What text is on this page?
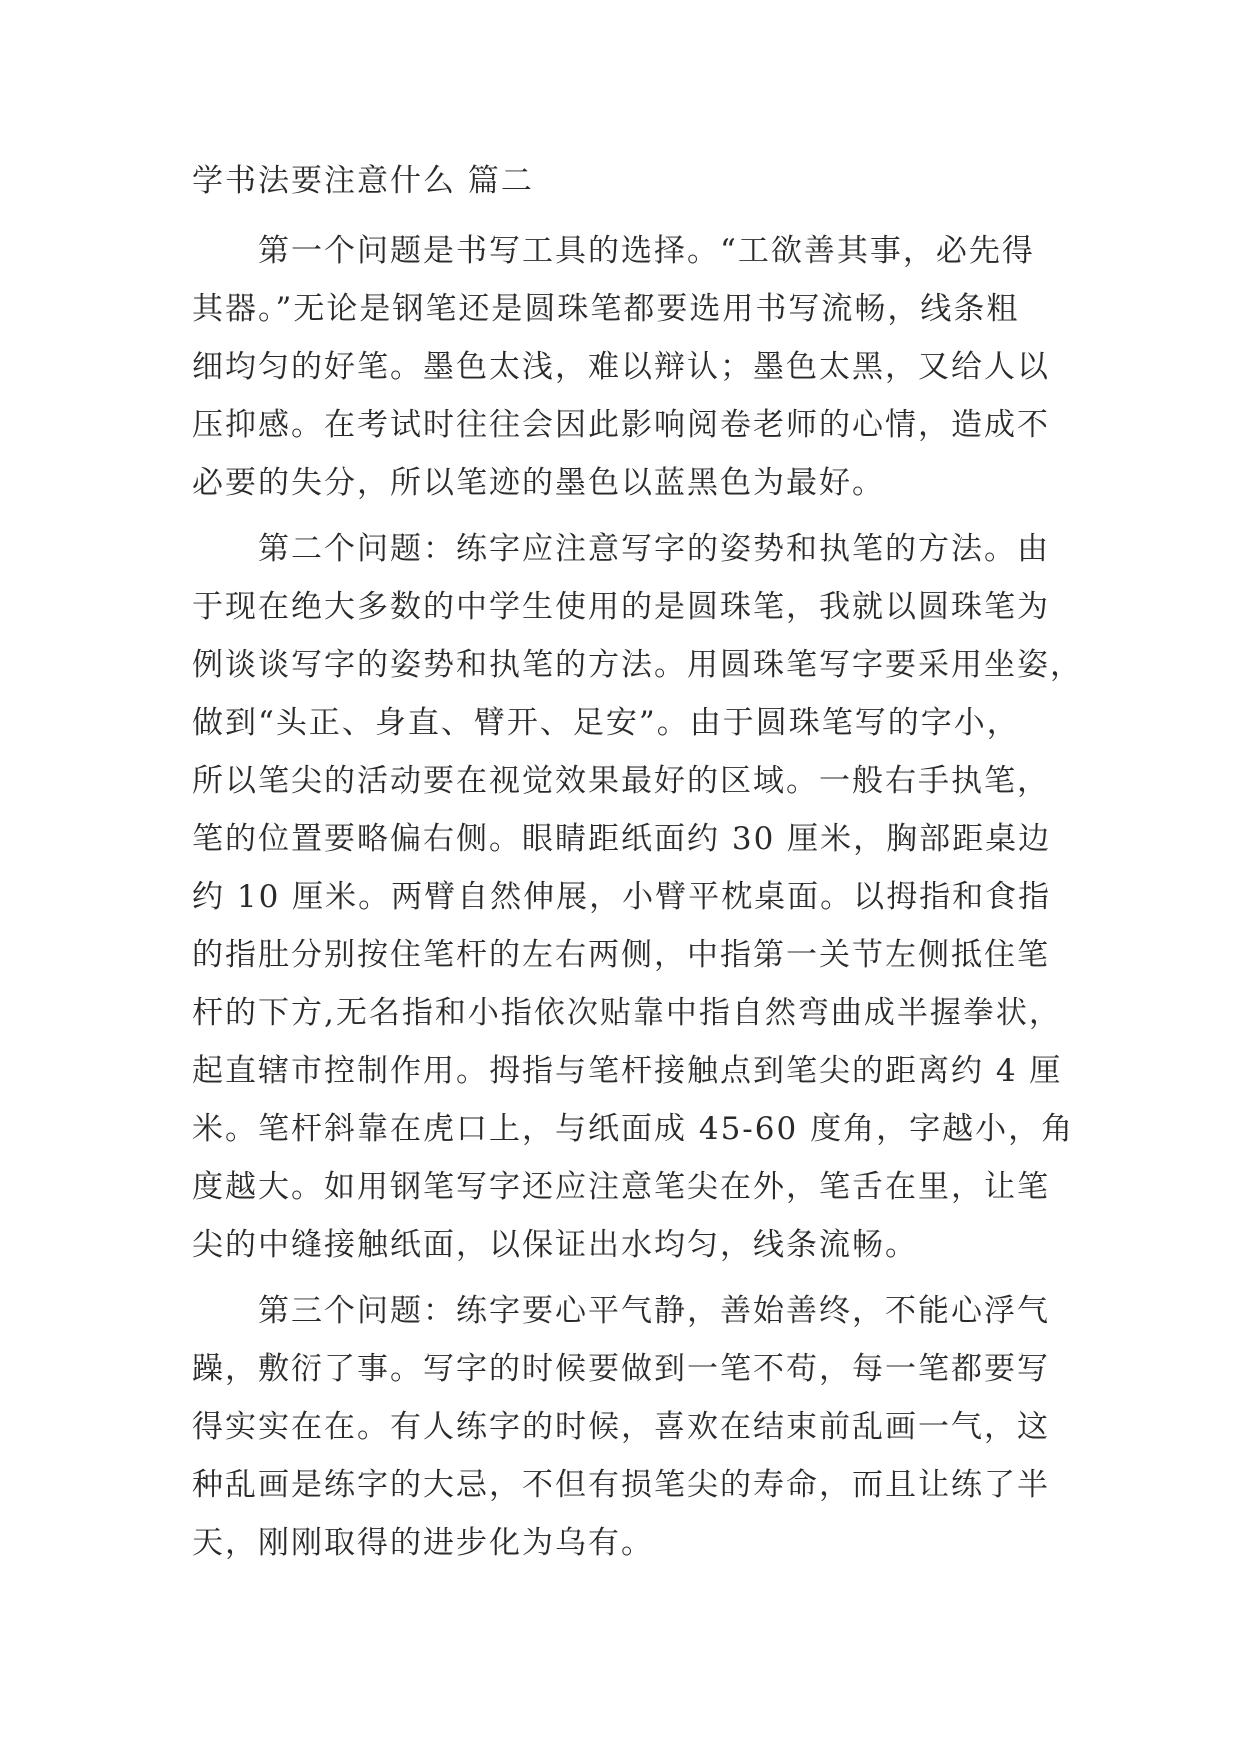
学书法要注意什么 篇二
第一个问题是书写工具的选择。“工欲善其事，必先得
其器。”无论是钢笔还是圆珠笔都要选用书写流畅，线条粗
细均匀的好笔。墨色太浅，难以辩认；墨色太黑，又给人以
压抑感。在考试时往往会因此影响阅卷老师的心情，造成不
必要的失分，所以笔迹的墨色以蓝黑色为最好。
第二个问题：练字应注意写字的姿势和执笔的方法。由
于现在绝大多数的中学生使用的是圆珠笔，我就以圆珠笔为
例谈谈写字的姿势和执笔的方法。用圆珠笔写字要采用坐姿，
做到“头正、身直、臂开、足安”。由于圆珠笔写的字小，
所以笔尖的活动要在视觉效果最好的区域。一般右手执笔，
笔的位置要略偏右侧。眼睛距纸面约 30 厘米，胸部距桌边
约 10 厘米。两臂自然伸展，小臂平枕桌面。以拇指和食指
的指肚分别按住笔杆的左右两侧，中指第一关节左侧抵住笔
杆的下方,无名指和小指依次贴靠中指自然弯曲成半握拳状，
起直辖市控制作用。拇指与笔杆接触点到笔尖的距离约 4 厘
米。笔杆斜靠在虎口上，与纸面成 45-60 度角，字越小，角
度越大。如用钢笔写字还应注意笔尖在外，笔舌在里，让笔
尖的中缝接触纸面，以保证出水均匀，线条流畅。
第三个问题：练字要心平气静，善始善终，不能心浮气
躁，敷衍了事。写字的时候要做到一笔不苟，每一笔都要写
得实实在在。有人练字的时候，喜欢在结束前乱画一气，这
种乱画是练字的大忌，不但有损笔尖的寿命，而且让练了半
天，刚刚取得的进步化为乌有。
